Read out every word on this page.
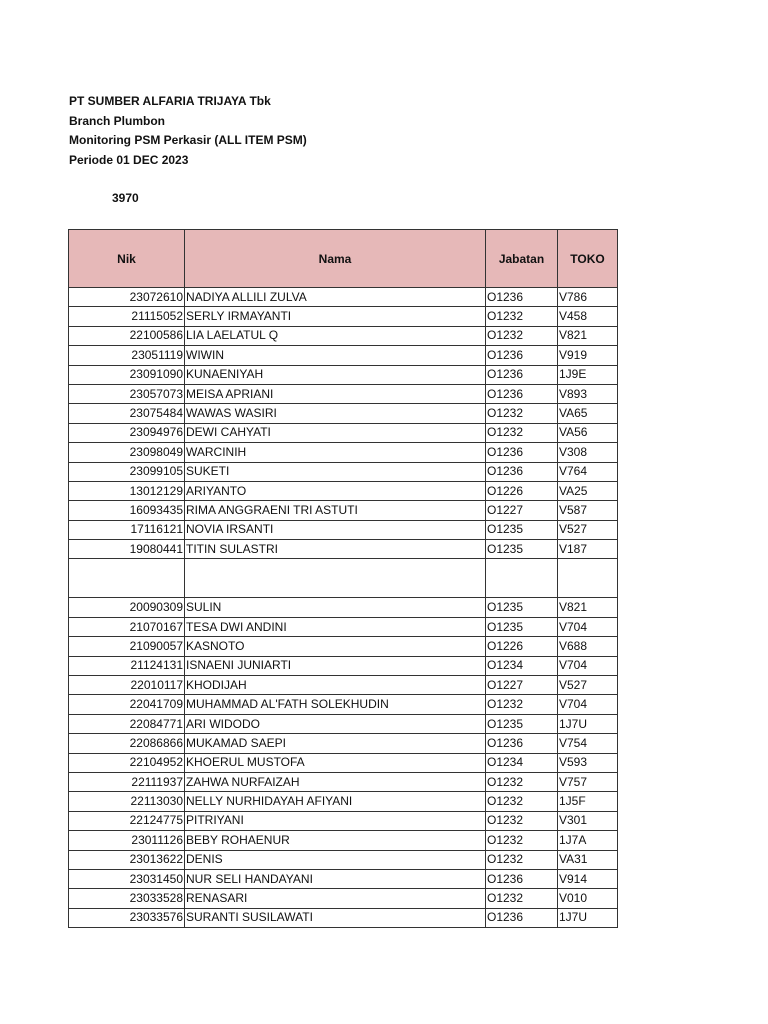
PT SUMBER ALFARIA TRIJAYA Tbk
Branch Plumbon
Monitoring PSM Perkasir (ALL ITEM PSM)
Periode 01 DEC 2023
3970
Nik	Nama	Jabatan	TOKO
23072610	NADIYA ALLILI ZULVA	O1236	V786
21115052	SERLY IRMAYANTI	O1232	V458
22100586	LIA LAELATUL Q	O1232	V821
23051119	WIWIN	O1236	V919
23091090	KUNAENIYAH	O1236	1J9E
23057073	MEISA APRIANI	O1236	V893
23075484	WAWAS WASIRI	O1232	VA65
23094976	DEWI CAHYATI	O1232	VA56
23098049	WARCINIH	O1236	V308
23099105	SUKETI	O1236	V764
13012129	ARIYANTO	O1226	VA25
16093435	RIMA ANGGRAENI TRI ASTUTI	O1227	V587
17116121	NOVIA IRSANTI	O1235	V527
19080441	TITIN SULASTRI	O1235	V187

20090309	SULIN	O1235	V821
21070167	TESA DWI ANDINI	O1235	V704
21090057	KASNOTO	O1226	V688
21124131	ISNAENI JUNIARTI	O1234	V704
22010117	KHODIJAH	O1227	V527
22041709	MUHAMMAD AL'FATH SOLEKHUDIN	O1232	V704
22084771	ARI WIDODO	O1235	1J7U
22086866	MUKAMAD SAEPI	O1236	V754
22104952	KHOERUL MUSTOFA	O1234	V593
22111937	ZAHWA NURFAIZAH	O1232	V757
22113030	NELLY NURHIDAYAH AFIYANI	O1232	1J5F
22124775	PITRIYANI	O1232	V301
23011126	BEBY ROHAENUR	O1232	1J7A
23013622	DENIS	O1232	VA31
23031450	NUR SELI HANDAYANI	O1236	V914
23033528	RENASARI	O1232	V010
23033576	SURANTI SUSILAWATI	O1236	1J7U
